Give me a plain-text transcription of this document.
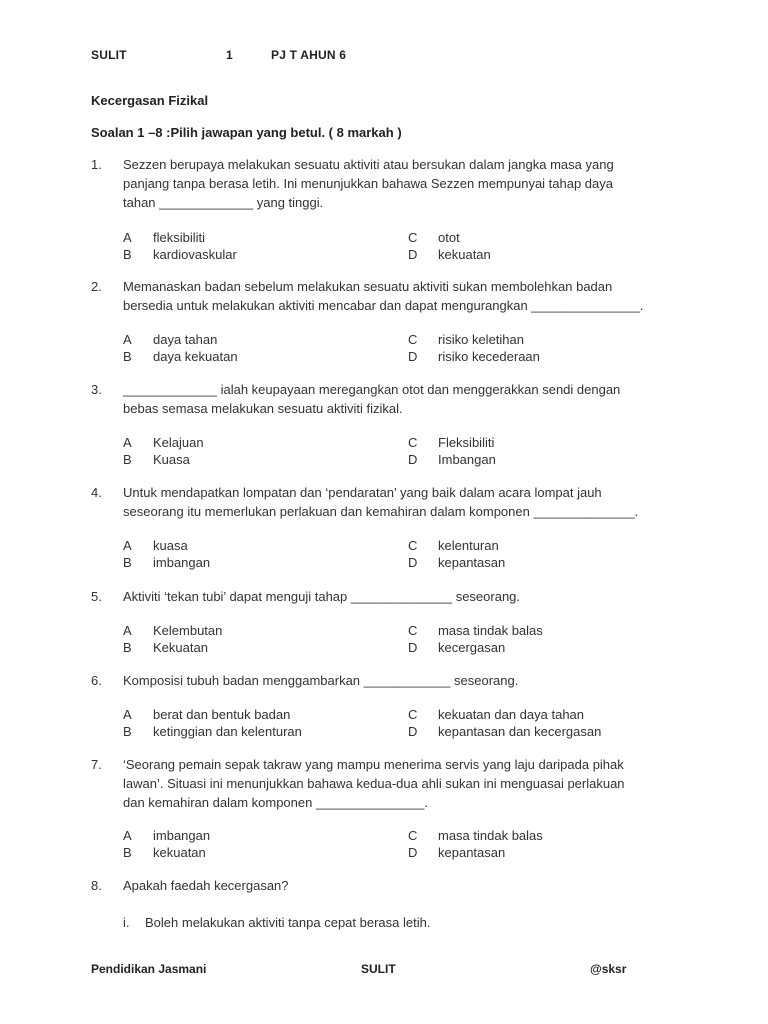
SULIT	1	PJ T AHUN 6
Kecergasan Fizikal
Soalan 1 –8 :Pilih jawapan yang betul. ( 8 markah )
1. Sezzen berupaya melakukan sesuatu aktiviti atau bersukan dalam jangka masa yang
panjang tanpa berasa letih. Ini menunjukkan bahawa Sezzen mempunyai tahap daya
tahan _____________ yang tinggi.
A fleksibiliti	C otot
B kardiovaskular	D kekuatan
2. Memanaskan badan sebelum melakukan sesuatu aktiviti sukan membolehkan badan
bersedia untuk melakukan aktiviti mencabar dan dapat mengurangkan _______________.
A daya tahan	C risiko keletihan
B daya kekuatan	D risiko kecederaan
3. _____________ ialah keupayaan meregangkan otot dan menggerakkan sendi dengan
bebas semasa melakukan sesuatu aktiviti fizikal.
A Kelajuan	C Fleksibiliti
B Kuasa	D Imbangan
4. Untuk mendapatkan lompatan dan ‘pendaratan’ yang baik dalam acara lompat jauh
seseorang itu memerlukan perlakuan dan kemahiran dalam komponen ______________.
A kuasa	C kelenturan
B imbangan	D kepantasan
5. Aktiviti ‘tekan tubi’ dapat menguji tahap ______________ seseorang.
A Kelembutan	C masa tindak balas
B Kekuatan	D kecergasan
6. Komposisi tubuh badan menggambarkan ____________ seseorang.
A berat dan bentuk badan	C kekuatan dan daya tahan
B ketinggian dan kelenturan	D kepantasan dan kecergasan
7. ‘Seorang pemain sepak takraw yang mampu menerima servis yang laju daripada pihak
lawan’. Situasi ini menunjukkan bahawa kedua-dua ahli sukan ini menguasai perlakuan
dan kemahiran dalam komponen _______________.
A imbangan	C masa tindak balas
B kekuatan	D kepantasan
8. Apakah faedah kecergasan?
i. Boleh melakukan aktiviti tanpa cepat berasa letih.
Pendidikan Jasmani	SULIT	@sksr
